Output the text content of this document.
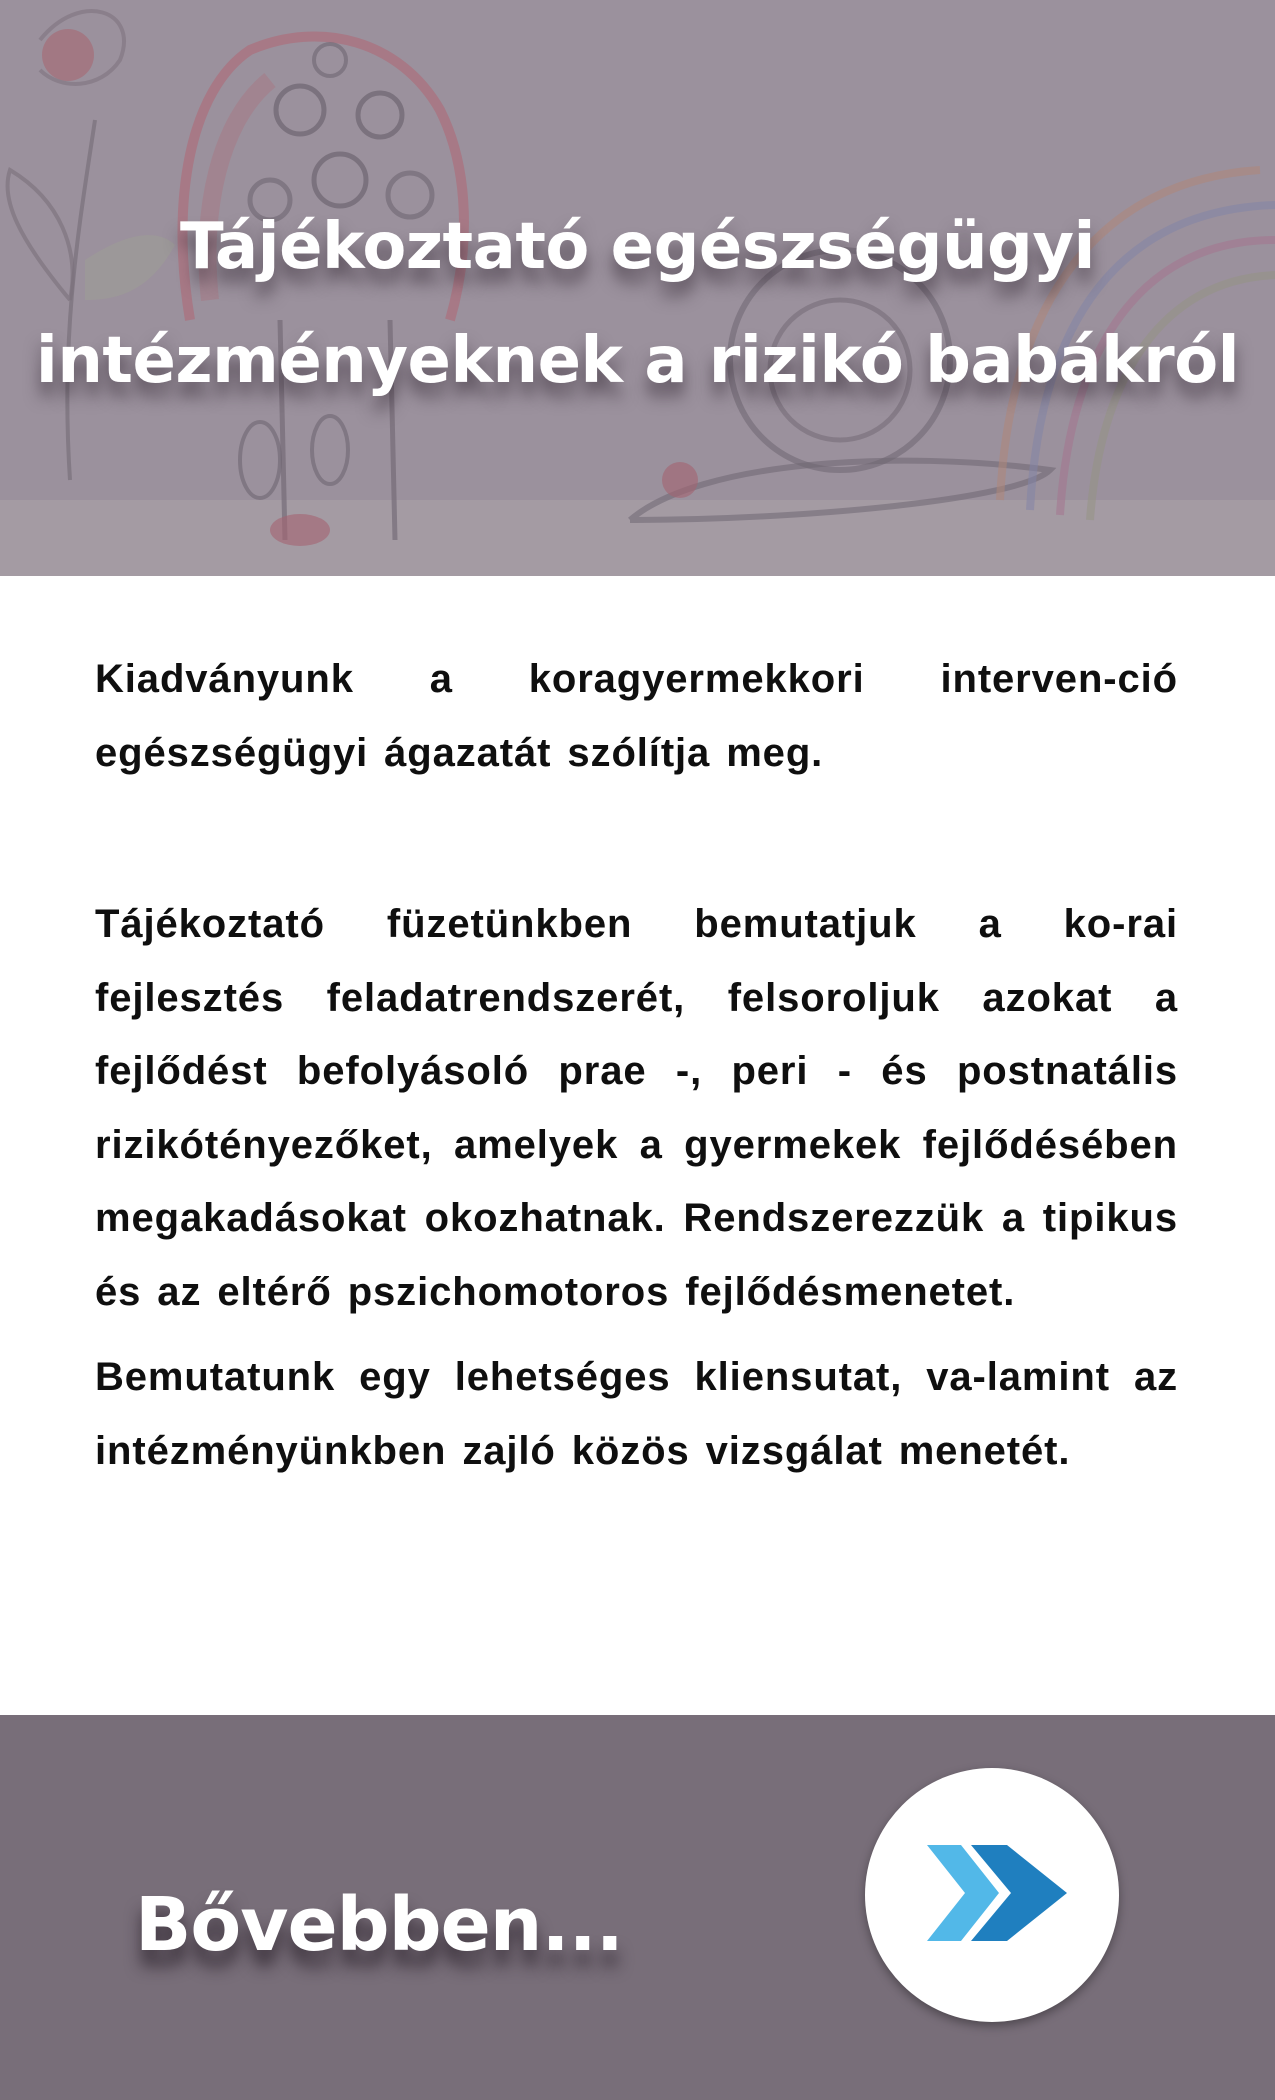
Tájékoztató egészségügyi
intézményeknek a rizikó babákról

Kiadványunk a koragyermekkori interven-ció egészségügyi ágazatát szólítja meg.

Tájékoztató füzetünkben bemutatjuk a ko-rai fejlesztés feladatrendszerét, felsoroljuk azokat a fejlődést befolyásoló prae -, peri - és postnatális rizikótényezőket, amelyek a gyermekek fejlődésében megakadásokat okozhatnak. Rendszerezzük a tipikus és az eltérő pszichomotoros fejlődésmenetet.

Bemutatunk egy lehetséges kliensutat, va-lamint az intézményünkben zajló közös vizsgálat menetét.

Bővebben...
